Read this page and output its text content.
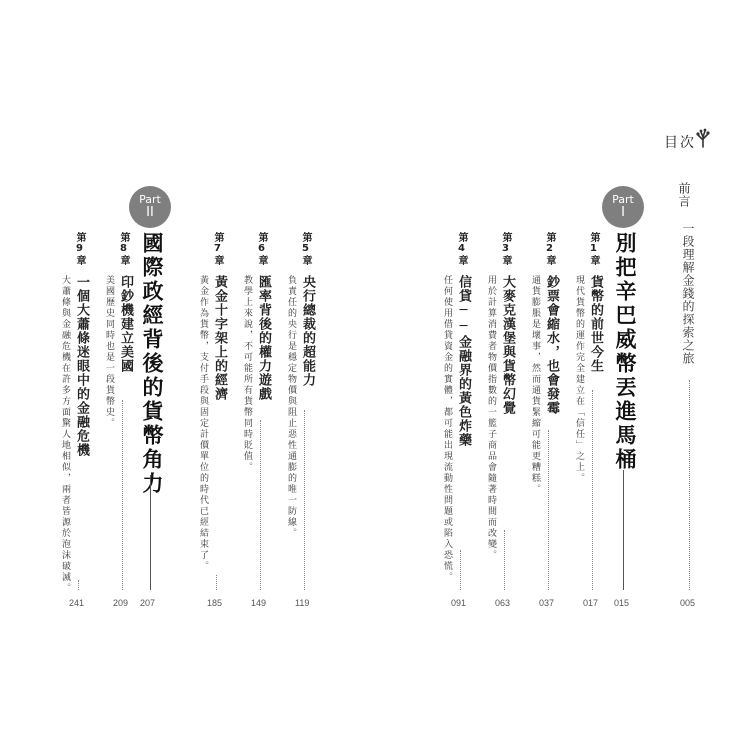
目次
前言
一段理解金錢的探索之旅
005
Part
I
別把辛巴威幣丟進馬桶
015
第1章
貨幣的前世今生
現代貨幣的運作完全建立在「信任」之上。
017
第2章
鈔票會縮水，也會發霉
通貨膨脹是壞事，然而通貨緊縮可能更糟糕。
037
第3章
大麥克漢堡與貨幣幻覺
用於計算消費者物價指數的一籃子商品會隨著時間而改變。
063
第4章
信貸──金融界的黃色炸藥
任何使用借貸資金的實體，都可能出現流動性問題或陷入恐慌。
091
Part
II
國際政經背後的貨幣角力
207
第5章
央行總裁的超能力
負責任的央行是穩定物價與阻止惡性通膨的唯一防線。
119
第6章
匯率背後的權力遊戲
教學上來說，不可能所有貨幣同時貶值。
149
第7章
黃金十字架上的經濟
黃金作為貨幣，支付手段與固定計價單位的時代已經結束了。
185
第8章
印鈔機建立美國
美國歷史同時也是一段貨幣史。
209
第9章
一個大蕭條迷眼中的金融危機
大蕭條與金融危機在許多方面驚人地相似，兩者皆源於泡沫破滅。
241
